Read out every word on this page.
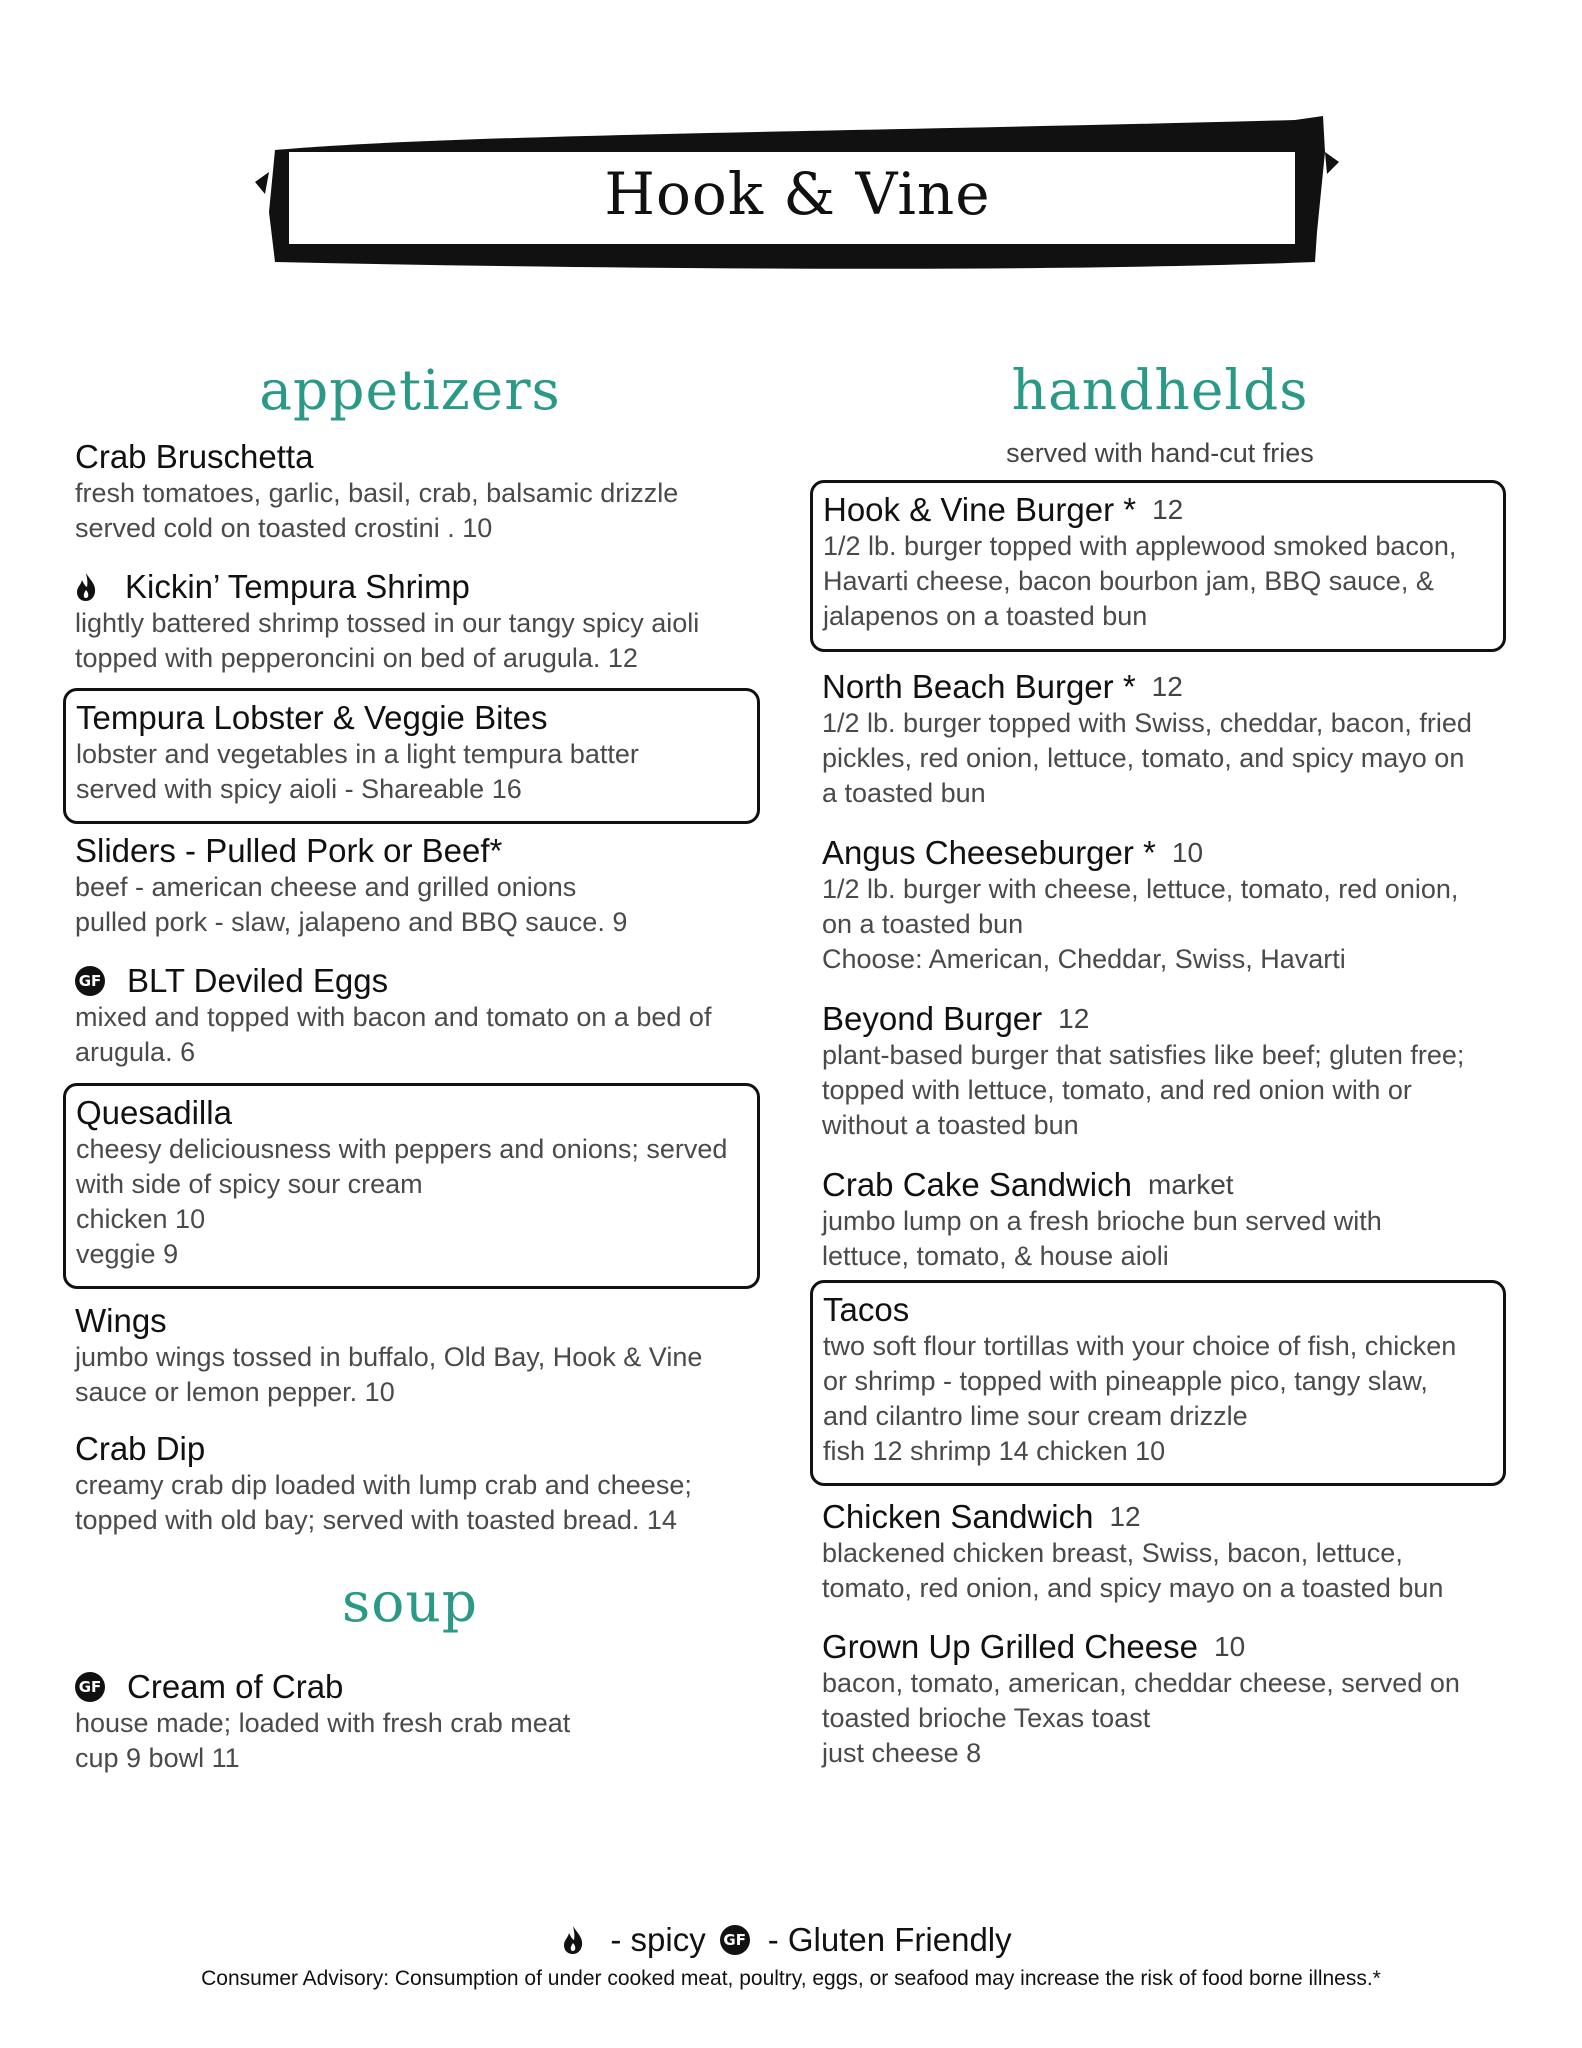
Hook & Vine
appetizers	handhelds
served with hand-cut fries
soup
Crab Bruschetta
fresh tomatoes, garlic, basil, crab, balsamic drizzle
served cold on toasted crostini . 10
Kickin’ Tempura Shrimp
lightly battered shrimp tossed in our tangy spicy aioli
topped with pepperoncini on bed of arugula. 12
Tempura Lobster & Veggie Bites
lobster and vegetables in a light tempura batter
served with spicy aioli - Shareable 16
Sliders - Pulled Pork or Beef*
beef - american cheese and grilled onions
pulled pork - slaw, jalapeno and BBQ sauce. 9
GF BLT Deviled Eggs
mixed and topped with bacon and tomato on a bed of
arugula. 6
Quesadilla
cheesy deliciousness with peppers and onions; served
with side of spicy sour cream
chicken 10
veggie 9
Wings
jumbo wings tossed in buffalo, Old Bay, Hook & Vine
sauce or lemon pepper. 10
Crab Dip
creamy crab dip loaded with lump crab and cheese;
topped with old bay; served with toasted bread. 14
GF Cream of Crab
house made; loaded with fresh crab meat
cup 9 bowl 11
Hook & Vine Burger * 12
1/2 lb. burger topped with applewood smoked bacon,
Havarti cheese, bacon bourbon jam, BBQ sauce, &
jalapenos on a toasted bun
North Beach Burger * 12
1/2 lb. burger topped with Swiss, cheddar, bacon, fried
pickles, red onion, lettuce, tomato, and spicy mayo on
a toasted bun
Angus Cheeseburger * 10
1/2 lb. burger with cheese, lettuce, tomato, red onion,
on a toasted bun
Choose: American, Cheddar, Swiss, Havarti
Beyond Burger 12
plant-based burger that satisfies like beef; gluten free;
topped with lettuce, tomato, and red onion with or
without a toasted bun
Crab Cake Sandwich market
jumbo lump on a fresh brioche bun served with
lettuce, tomato, & house aioli
Tacos
two soft flour tortillas with your choice of fish, chicken
or shrimp - topped with pineapple pico, tangy slaw,
and cilantro lime sour cream drizzle
fish 12 shrimp 14 chicken 10
Chicken Sandwich 12
blackened chicken breast, Swiss, bacon, lettuce,
tomato, red onion, and spicy mayo on a toasted bun
Grown Up Grilled Cheese 10
bacon, tomato, american, cheddar cheese, served on
toasted brioche Texas toast
just cheese 8
- spicy GF - Gluten Friendly
Consumer Advisory: Consumption of under cooked meat, poultry, eggs, or seafood may increase the risk of food borne illness.*
